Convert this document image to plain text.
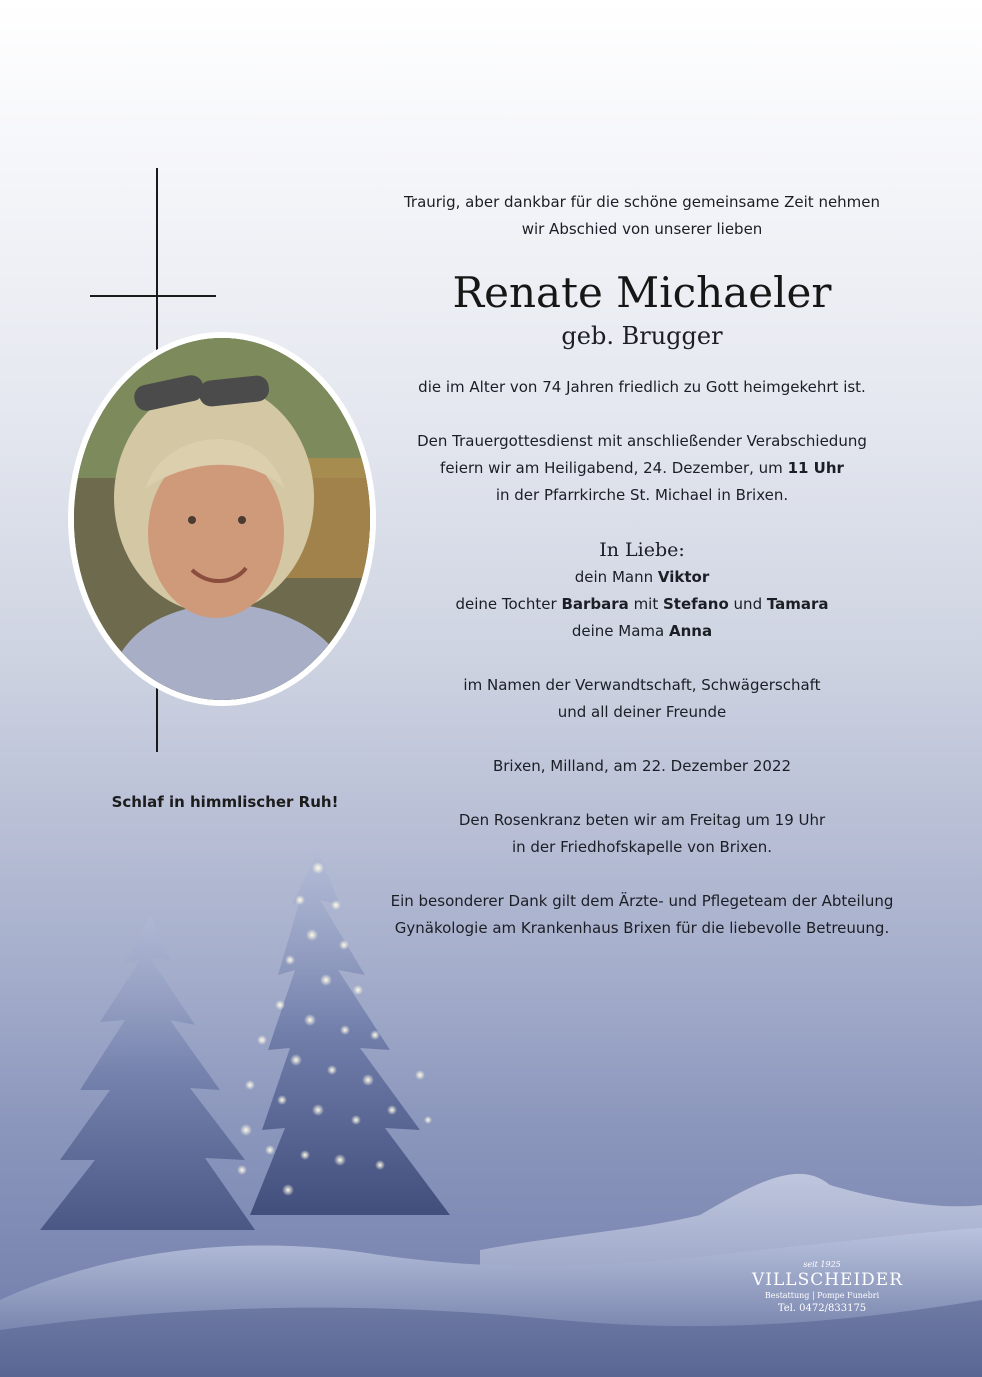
Schlaf in himmlischer Ruh!

Traurig, aber dankbar für die schöne gemeinsame Zeit nehmen

wir Abschied von unserer lieben

Renate Michaeler

geb. Brugger

die im Alter von 74 Jahren friedlich zu Gott heimgekehrt ist.

Den Trauergottesdienst mit anschließender Verabschiedung

feiern wir am Heiligabend, 24. Dezember, um 11 Uhr

in der Pfarrkirche St. Michael in Brixen.

In Liebe:

dein Mann Viktor

deine Tochter Barbara mit Stefano und Tamara

deine Mama Anna

im Namen der Verwandtschaft, Schwägerschaft

und all deiner Freunde

Brixen, Milland, am 22. Dezember 2022

Den Rosenkranz beten wir am Freitag um 19 Uhr

in der Friedhofskapelle von Brixen.

Ein besonderer Dank gilt dem Ärzte- und Pflegeteam der Abteilung

Gynäkologie am Krankenhaus Brixen für die liebevolle Betreuung.

seit 1925
VILLSCHEIDER
Bestattung | Pompe Funebri
Tel. 0472/833175
